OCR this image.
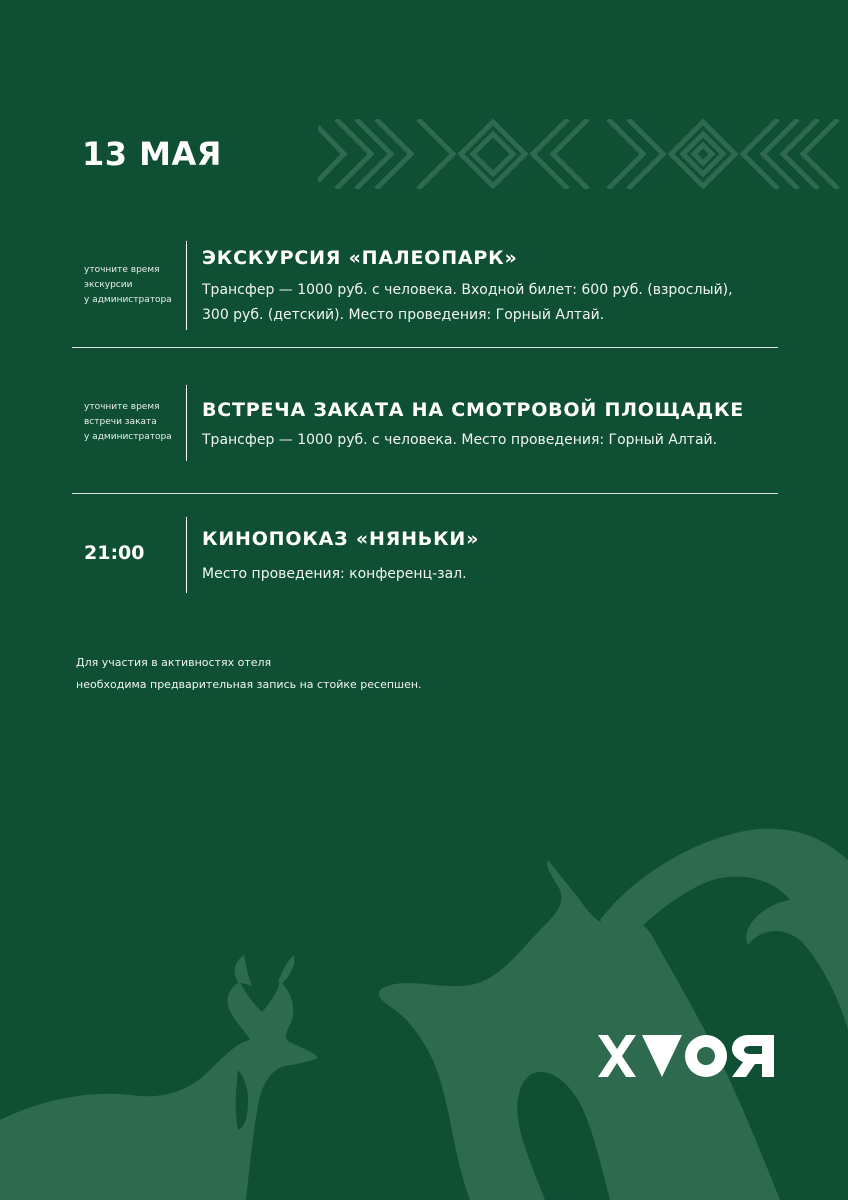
13 МАЯ
уточните время
экскурсии
у администратора
ЭКСКУРСИЯ «ПАЛЕОПАРК»
Трансфер — 1000 руб. с человека. Входной билет: 600 руб. (взрослый),
300 руб. (детский). Место проведения: Горный Алтай.
уточните время
встречи заката
у администратора
ВСТРЕЧА ЗАКАТА НА СМОТРОВОЙ ПЛОЩАДКЕ
Трансфер — 1000 руб. с человека. Место проведения: Горный Алтай.
21:00
КИНОПОКАЗ «НЯНЬКИ»
Место проведения: конференц-зал.
Для участия в активностях отеля
необходима предварительная запись на стойке ресепшен.
